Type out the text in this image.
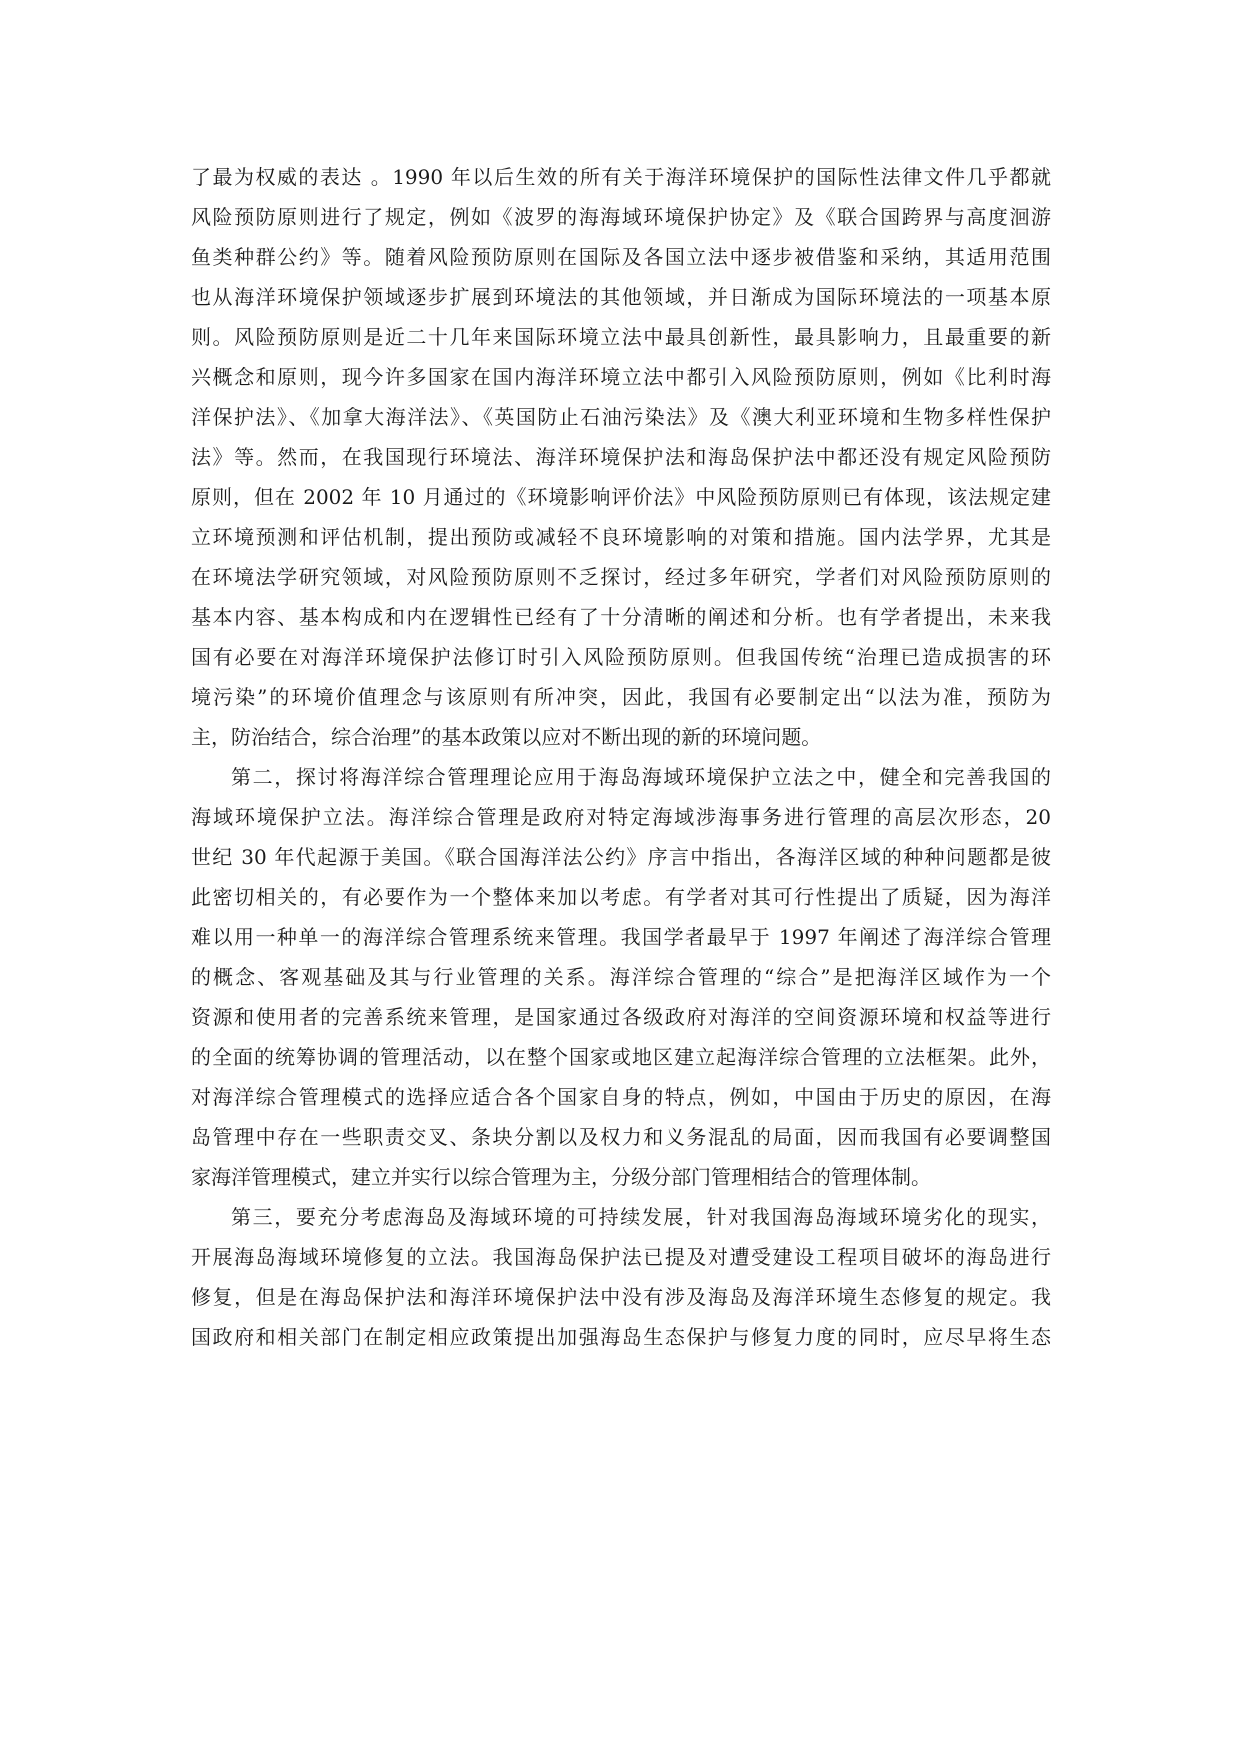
了最为权威的表达 。1990 年以后生效的所有关于海洋环境保护的国际性法律文件几乎都就
风险预防原则进行了规定，例如《波罗的海海域环境保护协定》及《联合国跨界与高度洄游
鱼类种群公约》等。随着风险预防原则在国际及各国立法中逐步被借鉴和采纳，其适用范围
也从海洋环境保护领域逐步扩展到环境法的其他领域，并日渐成为国际环境法的一项基本原
则。风险预防原则是近二十几年来国际环境立法中最具创新性，最具影响力，且最重要的新
兴概念和原则，现今许多国家在国内海洋环境立法中都引入风险预防原则，例如《比利时海
洋保护法》、《加拿大海洋法》、《英国防止石油污染法》及《澳大利亚环境和生物多样性保护
法》等。然而，在我国现行环境法、海洋环境保护法和海岛保护法中都还没有规定风险预防
原则，但在 2002 年 10 月通过的《环境影响评价法》中风险预防原则已有体现，该法规定建
立环境预测和评估机制，提出预防或减轻不良环境影响的对策和措施。国内法学界，尤其是
在环境法学研究领域，对风险预防原则不乏探讨，经过多年研究，学者们对风险预防原则的
基本内容、基本构成和内在逻辑性已经有了十分清晰的阐述和分析。也有学者提出，未来我
国有必要在对海洋环境保护法修订时引入风险预防原则。但我国传统“治理已造成损害的环
境污染”的环境价值理念与该原则有所冲突，因此，我国有必要制定出“以法为准，预防为
主，防治结合，综合治理”的基本政策以应对不断出现的新的环境问题。
第二，探讨将海洋综合管理理论应用于海岛海域环境保护立法之中，健全和完善我国的
海域环境保护立法。海洋综合管理是政府对特定海域涉海事务进行管理的高层次形态，20
世纪 30 年代起源于美国。《联合国海洋法公约》序言中指出，各海洋区域的种种问题都是彼
此密切相关的，有必要作为一个整体来加以考虑。有学者对其可行性提出了质疑，因为海洋
难以用一种单一的海洋综合管理系统来管理。我国学者最早于 1997 年阐述了海洋综合管理
的概念、客观基础及其与行业管理的关系。海洋综合管理的“综合”是把海洋区域作为一个
资源和使用者的完善系统来管理，是国家通过各级政府对海洋的空间资源环境和权益等进行
的全面的统筹协调的管理活动，以在整个国家或地区建立起海洋综合管理的立法框架。此外，
对海洋综合管理模式的选择应适合各个国家自身的特点，例如，中国由于历史的原因，在海
岛管理中存在一些职责交叉、条块分割以及权力和义务混乱的局面，因而我国有必要调整国
家海洋管理模式，建立并实行以综合管理为主，分级分部门管理相结合的管理体制。
第三，要充分考虑海岛及海域环境的可持续发展，针对我国海岛海域环境劣化的现实，
开展海岛海域环境修复的立法。我国海岛保护法已提及对遭受建设工程项目破坏的海岛进行
修复，但是在海岛保护法和海洋环境保护法中没有涉及海岛及海洋环境生态修复的规定。我
国政府和相关部门在制定相应政策提出加强海岛生态保护与修复力度的同时，应尽早将生态
